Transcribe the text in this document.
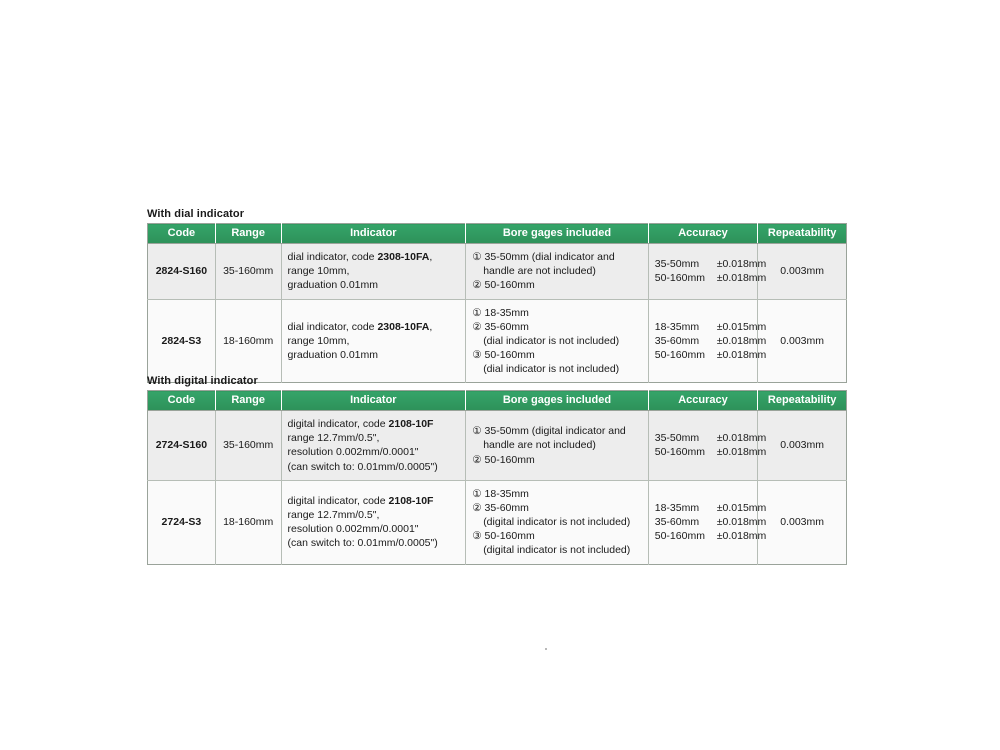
With dial indicator
Code	Range	Indicator	Bore gages included	Accuracy	Repeatability
2824-S160	35-160mm	dial indicator, code 2308-10FA,
range 10mm,
graduation 0.01mm	① 35-50mm (dial indicator and
handle are not included)
② 50-160mm	35-50mm ±0.018mm
50-160mm ±0.018mm	0.003mm
2824-S3	18-160mm	dial indicator, code 2308-10FA,
range 10mm,
graduation 0.01mm	① 18-35mm
② 35-60mm
(dial indicator is not included)
③ 50-160mm
(dial indicator is not included)	18-35mm ±0.015mm
35-60mm ±0.018mm
50-160mm ±0.018mm	0.003mm
With digital indicator
Code	Range	Indicator	Bore gages included	Accuracy	Repeatability
2724-S160	35-160mm	digital indicator, code 2108-10F
range 12.7mm/0.5",
resolution 0.002mm/0.0001"
(can switch to: 0.01mm/0.0005")	① 35-50mm (digital indicator and
handle are not included)
② 50-160mm	35-50mm ±0.018mm
50-160mm ±0.018mm	0.003mm
2724-S3	18-160mm	digital indicator, code 2108-10F
range 12.7mm/0.5",
resolution 0.002mm/0.0001"
(can switch to: 0.01mm/0.0005")	① 18-35mm
② 35-60mm
(digital indicator is not included)
③ 50-160mm
(digital indicator is not included)	18-35mm ±0.015mm
35-60mm ±0.018mm
50-160mm ±0.018mm	0.003mm
